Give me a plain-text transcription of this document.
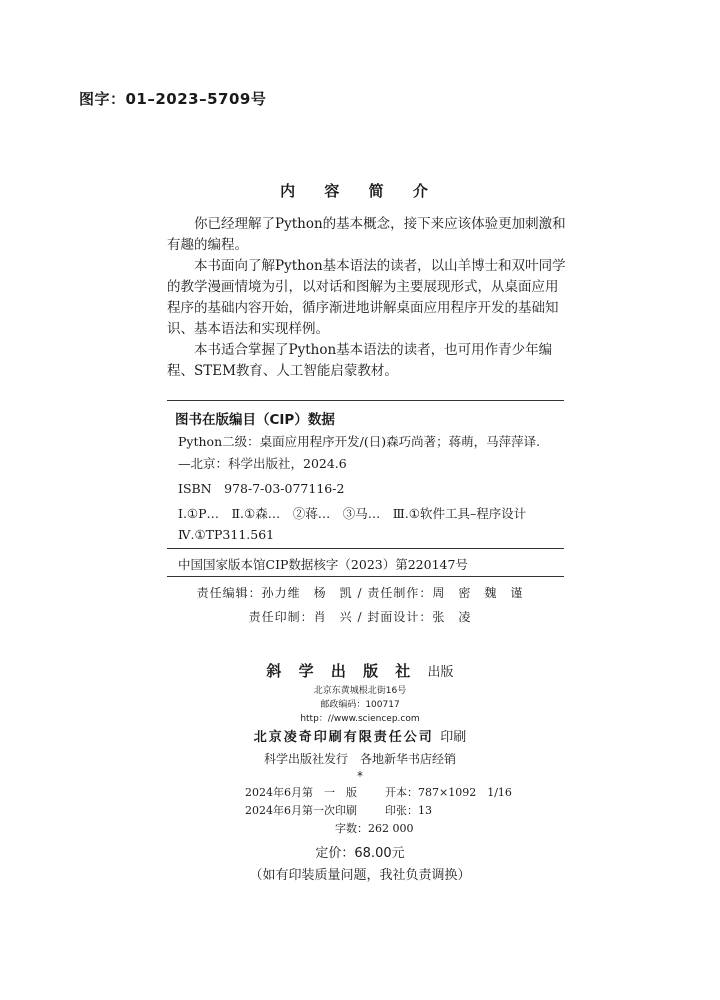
图字：01–2023–5709号
内 容 简 介

你已经理解了Python的基本概念，接下来应该体验更加刺激和有趣的编程。

本书面向了解Python基本语法的读者，以山羊博士和双叶同学的教学漫画情境为引，以对话和图解为主要展现形式，从桌面应用程序的基础内容开始，循序渐进地讲解桌面应用程序开发的基础知识、基本语法和实现样例。

本书适合掌握了Python基本语法的读者，也可用作青少年编程、STEM教育、人工智能启蒙教材。

图书在版编目（CIP）数据
Python二级：桌面应用程序开发/(日)森巧尚著；蒋萌，马萍萍译.
—北京：科学出版社，2024.6
ISBN　978-7-03-077116-2
Ⅰ.①P…　Ⅱ.①森…　②蒋…　③马…　Ⅲ.①软件工具–程序设计
Ⅳ.①TP311.561
中国国家版本馆CIP数据核字（2023）第220147号
责任编辑：孙力维　杨　凯 / 责任制作：周　密　魏　谨
责任印制：肖　兴 / 封面设计：张　凌
斜 学 出 版 社 出版
北京东黄城根北街16号
邮政编码：100717
http：//www.sciencep.com
北京凌奇印刷有限责任公司 印刷
科学出版社发行　各地新华书店经销
*
2024年6月第　一　版	开本：787×1092　1/16
2024年6月第一次印刷	印张：13
字数：262 000
定价：68.00元
（如有印装质量问题，我社负责调换）
